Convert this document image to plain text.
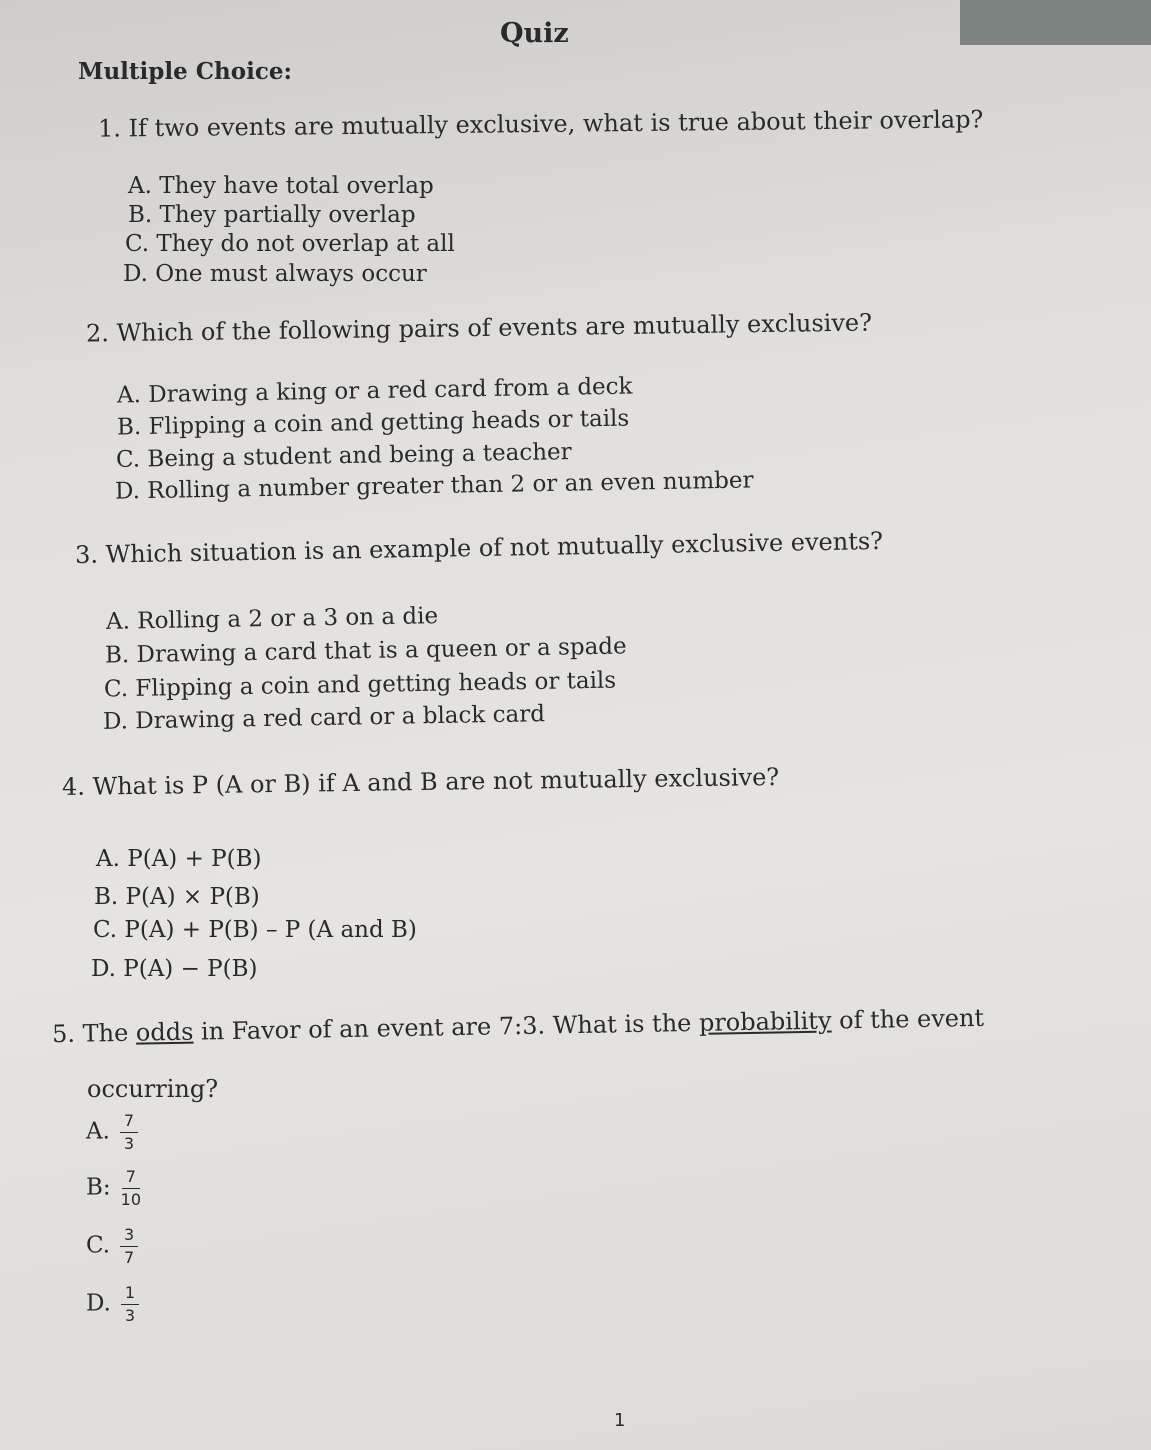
Quiz
Multiple Choice:
1. If two events are mutually exclusive, what is true about their overlap?
A. They have total overlap
B. They partially overlap
C. They do not overlap at all
D. One must always occur
2. Which of the following pairs of events are mutually exclusive?
A. Drawing a king or a red card from a deck
B. Flipping a coin and getting heads or tails
C. Being a student and being a teacher
D. Rolling a number greater than 2 or an even number
3. Which situation is an example of not mutually exclusive events?
A. Rolling a 2 or a 3 on a die
B. Drawing a card that is a queen or a spade
C. Flipping a coin and getting heads or tails
D. Drawing a red card or a black card
4. What is P (A or B) if A and B are not mutually exclusive?
A. P(A) + P(B)
B. P(A) × P(B)
C. P(A) + P(B) – P (A and B)
D. P(A) − P(B)
5. The odds in Favor of an event are 7:3. What is the probability of the event
occurring?
A. $\frac{7}{3}$
B: $\frac{7}{10}$
C. $\frac{3}{7}$
D. $\frac{1}{3}$
1
